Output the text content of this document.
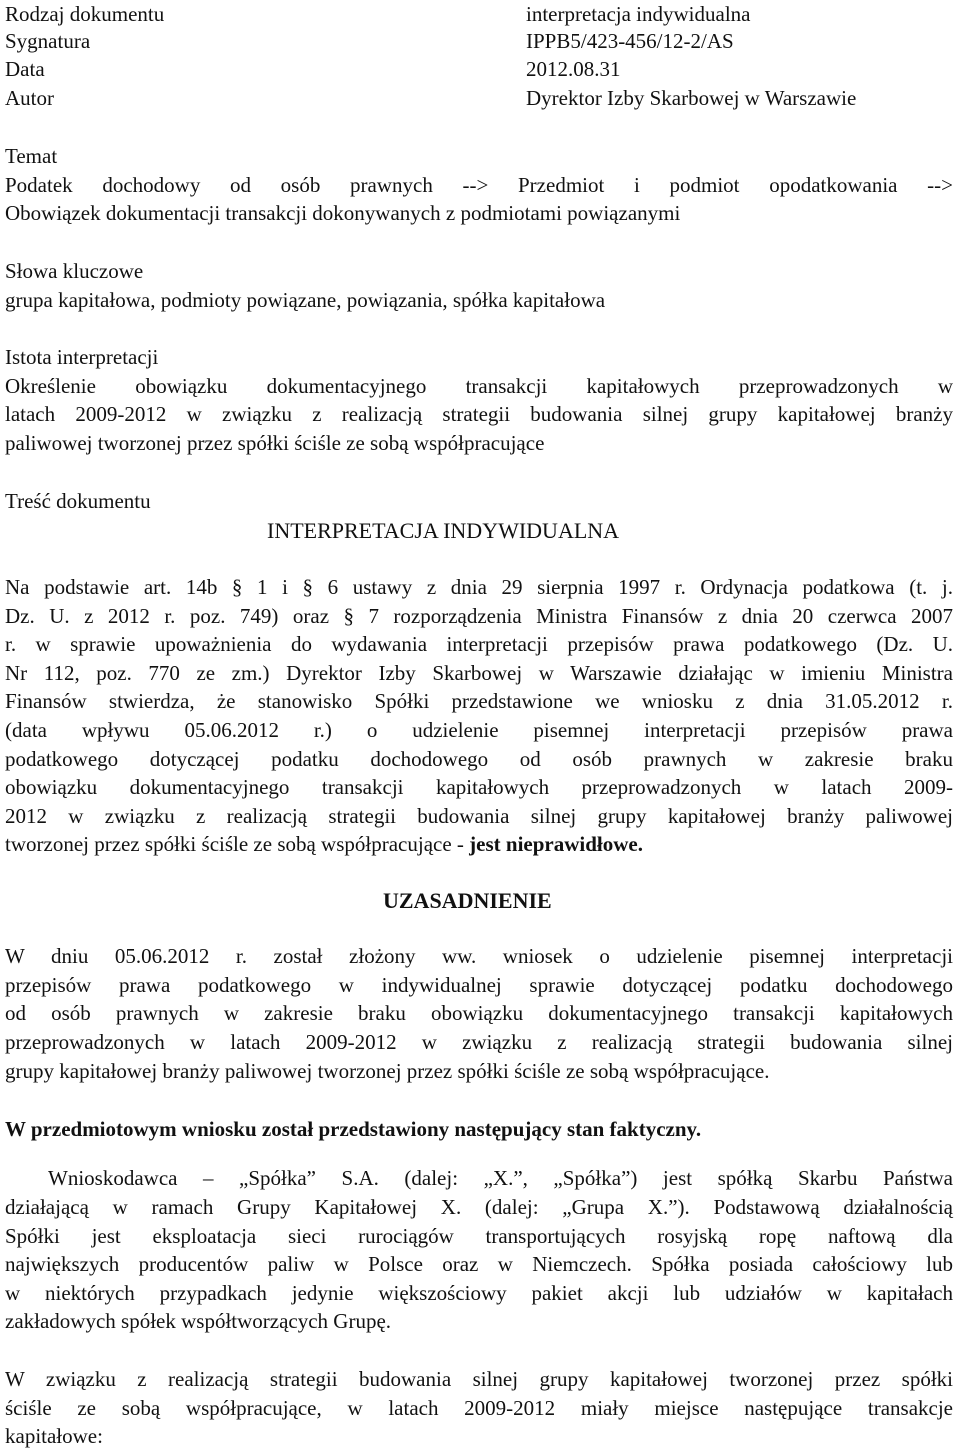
Rodzaj dokumentu	interpretacja indywidualna
Sygnatura	IPPB5/423-456/12-2/AS
Data	2012.08.31
Autor	Dyrektor Izby Skarbowej w Warszawie
Temat
Podatek dochodowy od osób prawnych --> Przedmiot i podmiot opodatkowania -->
Obowiązek dokumentacji transakcji dokonywanych z podmiotami powiązanymi
Słowa kluczowe
grupa kapitałowa, podmioty powiązane, powiązania, spółka kapitałowa
Istota interpretacji
Określenie obowiązku dokumentacyjnego transakcji kapitałowych przeprowadzonych w
latach 2009-2012 w związku z realizacją strategii budowania silnej grupy kapitałowej branży
paliwowej tworzonej przez spółki ściśle ze sobą współpracujące
Treść dokumentu
INTERPRETACJA INDYWIDUALNA
Na podstawie art. 14b § 1 i § 6 ustawy z dnia 29 sierpnia 1997 r. Ordynacja podatkowa (t. j.
Dz. U. z 2012 r. poz. 749) oraz § 7 rozporządzenia Ministra Finansów z dnia 20 czerwca 2007
r. w sprawie upoważnienia do wydawania interpretacji przepisów prawa podatkowego (Dz. U.
Nr 112, poz. 770 ze zm.) Dyrektor Izby Skarbowej w Warszawie działając w imieniu Ministra
Finansów stwierdza, że stanowisko Spółki przedstawione we wniosku z dnia 31.05.2012 r.
(data wpływu 05.06.2012 r.) o udzielenie pisemnej interpretacji przepisów prawa
podatkowego dotyczącej podatku dochodowego od osób prawnych w zakresie braku
obowiązku dokumentacyjnego transakcji kapitałowych przeprowadzonych w latach 2009-
2012 w związku z realizacją strategii budowania silnej grupy kapitałowej branży paliwowej
tworzonej przez spółki ściśle ze sobą współpracujące - jest nieprawidłowe.
UZASADNIENIE
W dniu 05.06.2012 r. został złożony ww. wniosek o udzielenie pisemnej interpretacji
przepisów prawa podatkowego w indywidualnej sprawie dotyczącej podatku dochodowego
od osób prawnych w zakresie braku obowiązku dokumentacyjnego transakcji kapitałowych
przeprowadzonych w latach 2009-2012 w związku z realizacją strategii budowania silnej
grupy kapitałowej branży paliwowej tworzonej przez spółki ściśle ze sobą współpracujące.
W przedmiotowym wniosku został przedstawiony następujący stan faktyczny.
Wnioskodawca – „Spółka” S.A. (dalej: „X.”, „Spółka”) jest spółką Skarbu Państwa
działającą w ramach Grupy Kapitałowej X. (dalej: „Grupa X.”). Podstawową działalnością
Spółki jest eksploatacja sieci rurociągów transportujących rosyjską ropę naftową dla
największych producentów paliw w Polsce oraz w Niemczech. Spółka posiada całościowy lub
w niektórych przypadkach jedynie większościowy pakiet akcji lub udziałów w kapitałach
zakładowych spółek współtworzących Grupę.
W związku z realizacją strategii budowania silnej grupy kapitałowej tworzonej przez spółki
ściśle ze sobą współpracujące, w latach 2009-2012 miały miejsce następujące transakcje
kapitałowe:
